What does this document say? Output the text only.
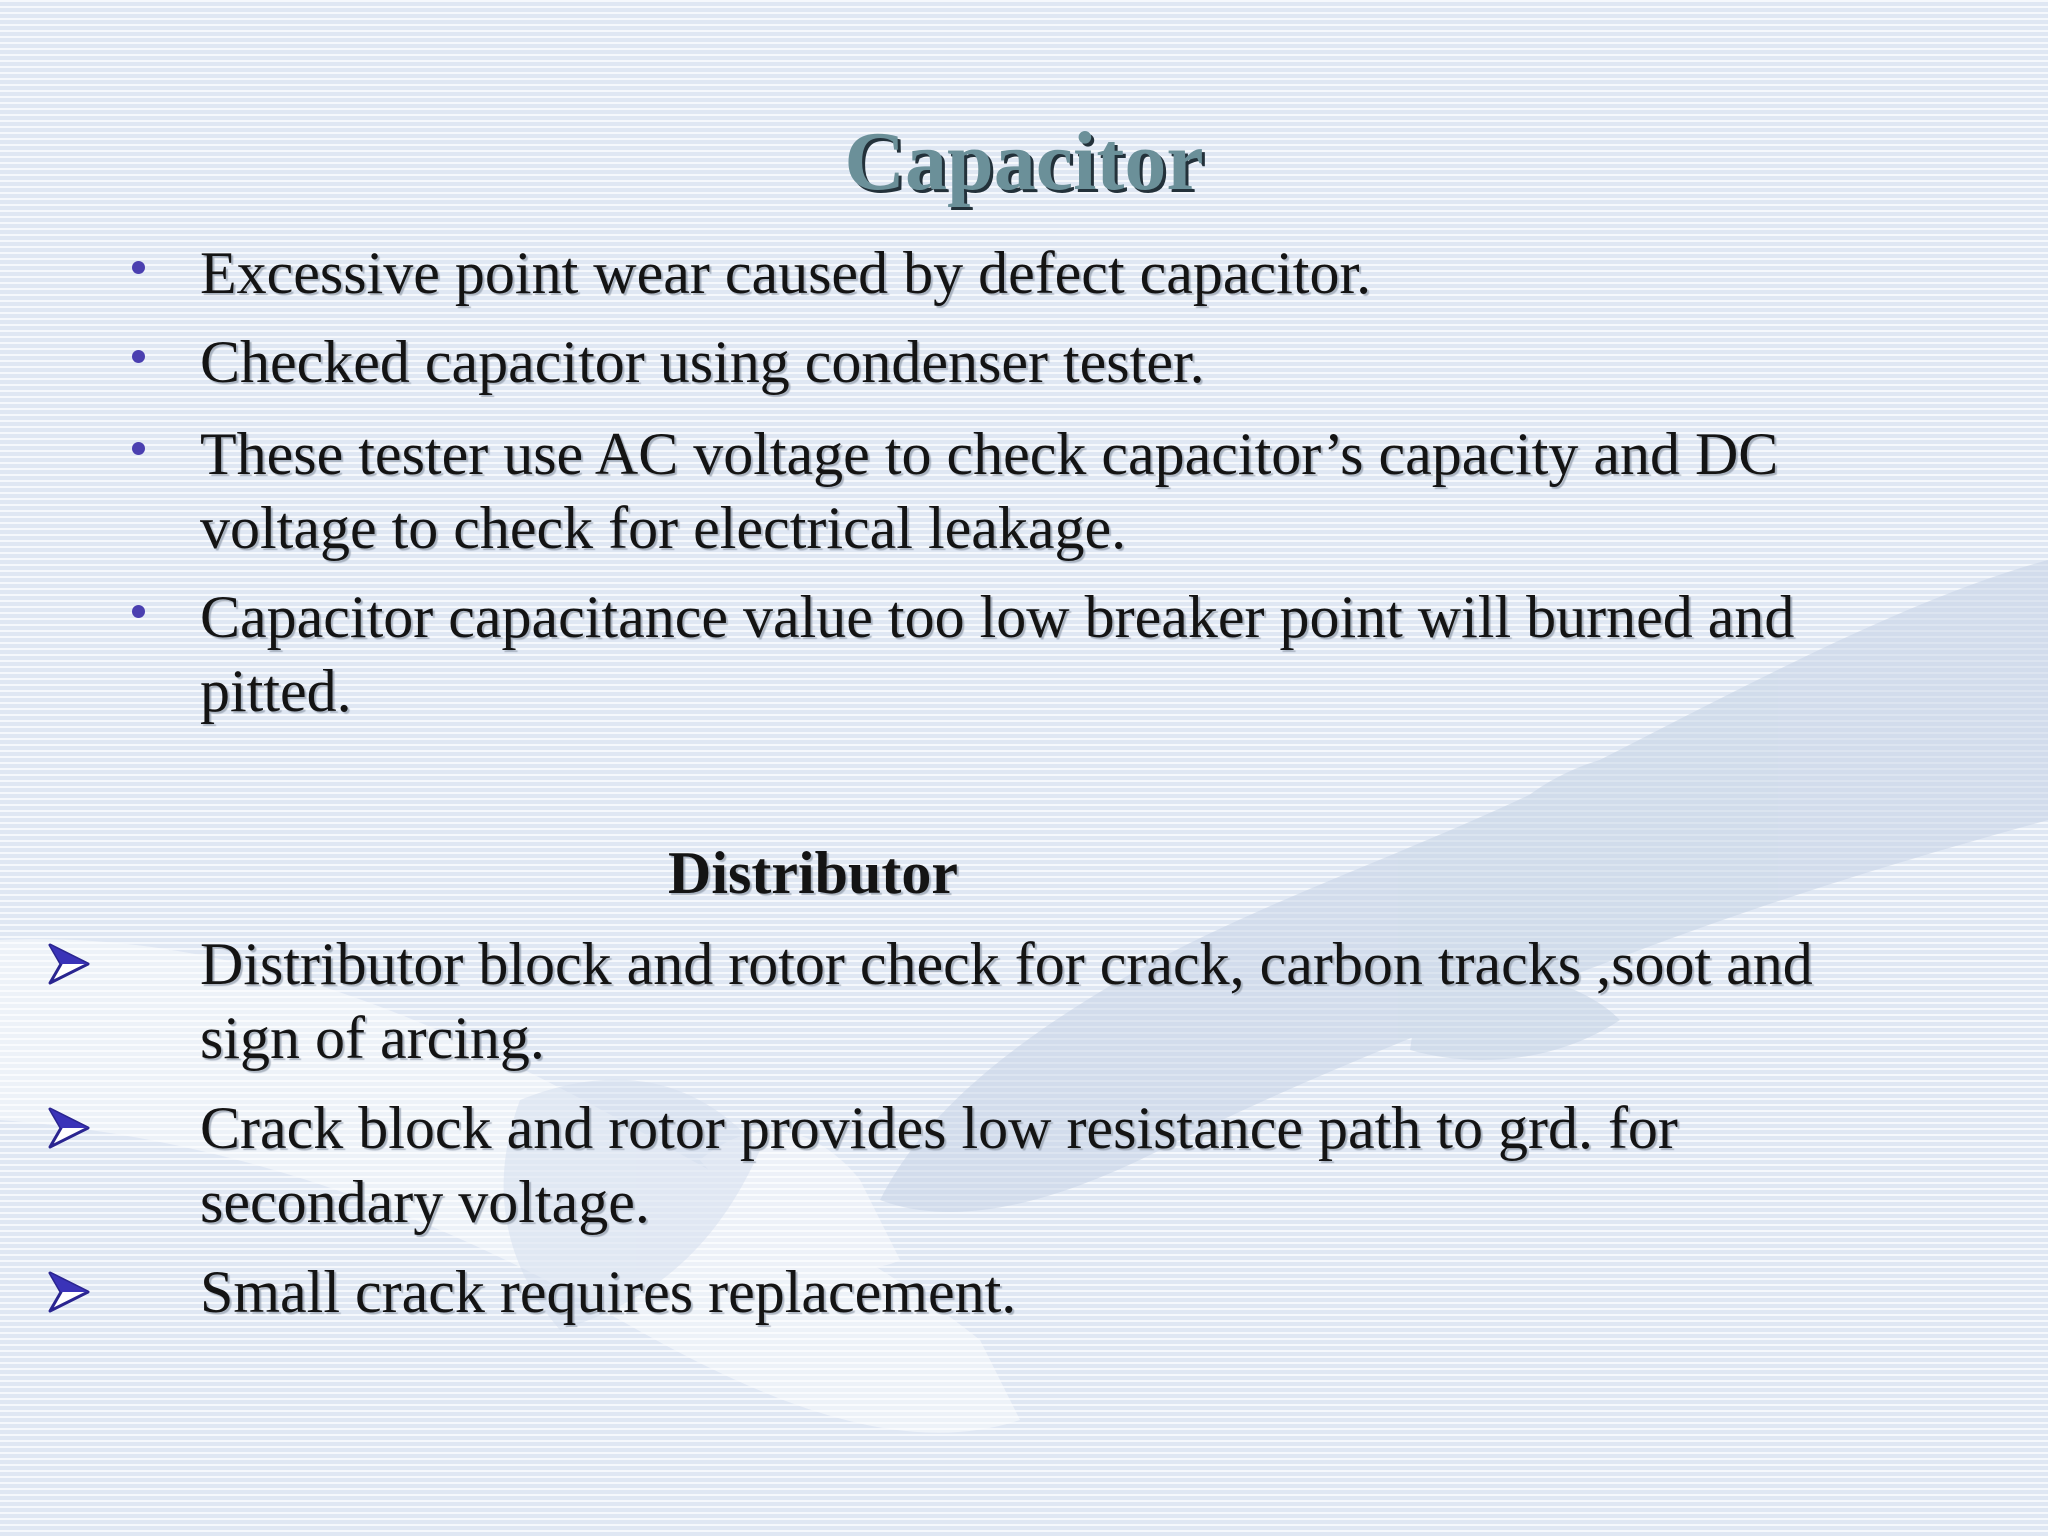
Capacitor
Excessive point wear caused by defect capacitor.
Checked capacitor using condenser tester.
These tester use AC voltage to check capacitor’s capacity and DC voltage to check for electrical leakage.
Capacitor capacitance value too low breaker point will burned and pitted.
Distributor
Distributor block and rotor check for crack, carbon tracks ,soot and sign of arcing.
Crack block and rotor provides low resistance path to grd. for secondary voltage.
Small crack requires replacement.
